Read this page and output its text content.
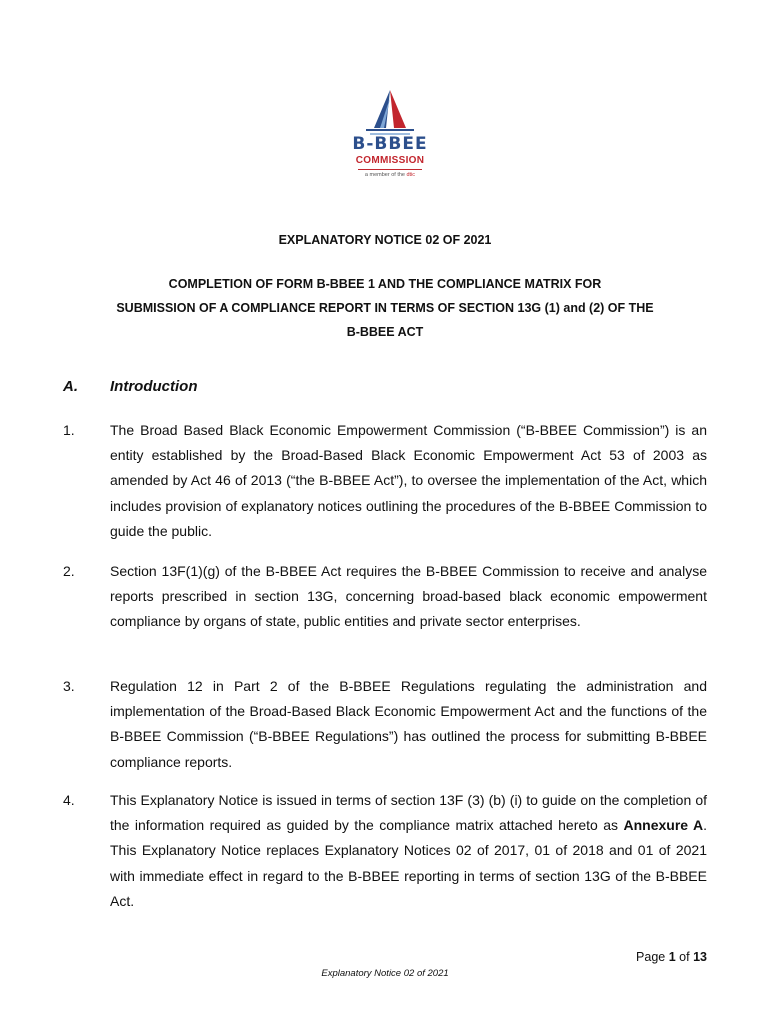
B-BBEE
COMMISSION
a member of the dtic
EXPLANATORY NOTICE 02 OF 2021
COMPLETION OF FORM B-BBEE 1 AND THE COMPLIANCE MATRIX FOR
SUBMISSION OF A COMPLIANCE REPORT IN TERMS OF SECTION 13G (1) and (2) OF THE
B-BBEE ACT
A. Introduction
1.	The Broad Based Black Economic Empowerment Commission (“B-BBEE Commission”) is an entity established by the Broad-Based Black Economic Empowerment Act 53 of 2003 as amended by Act 46 of 2013 (“the B-BBEE Act”), to oversee the implementation of the Act, which includes provision of explanatory notices outlining the procedures of the B-BBEE Commission to guide the public.
2.	Section 13F(1)(g) of the B-BBEE Act requires the B-BBEE Commission to receive and analyse reports prescribed in section 13G, concerning broad-based black economic empowerment compliance by organs of state, public entities and private sector enterprises.
3.	Regulation 12 in Part 2 of the B-BBEE Regulations regulating the administration and implementation of the Broad-Based Black Economic Empowerment Act and the functions of the B-BBEE Commission (“B-BBEE Regulations”) has outlined the process for submitting B-BBEE compliance reports.
4.	This Explanatory Notice is issued in terms of section 13F (3) (b) (i) to guide on the completion of the information required as guided by the compliance matrix attached hereto as Annexure A. This Explanatory Notice replaces Explanatory Notices 02 of 2017, 01 of 2018 and 01 of 2021 with immediate effect in regard to the B-BBEE reporting in terms of section 13G of the B-BBEE Act.
Page 1 of 13
Explanatory Notice 02 of 2021
